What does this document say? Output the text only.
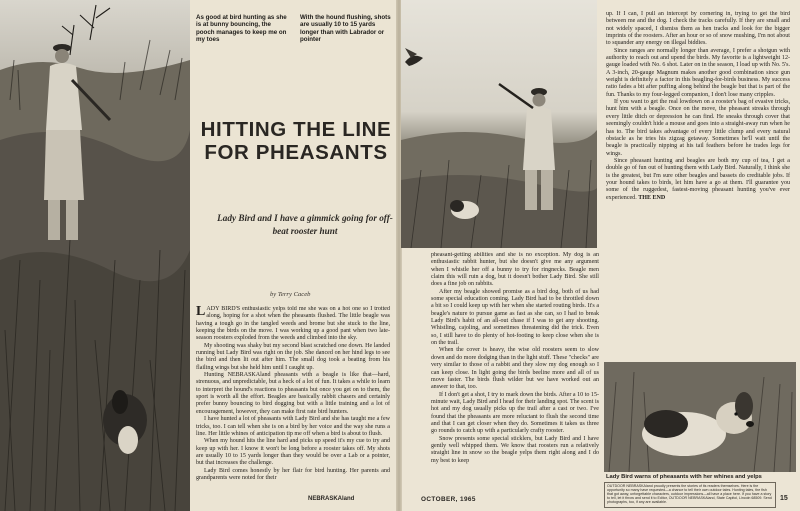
As good at bird hunting as she is at bunny bouncing, the pooch manages to keep me on my toes
With the hound flushing, shots are usually 10 to 15 yards longer than with Labrador or pointer
HITTING THE LINE FOR PHEASANTS
Lady Bird and I have a gimmick going for off-beat rooster hunt
by Terry Caceb

LADY BIRD'S enthusiastic yelps told me she was on a hot one so I trotted along, hoping for a shot when the pheasants flushed. The little beagle was having a tough go in the tangled weeds and brome but she stuck to the line, keeping the birds on the move. I was working up a good pant when two late-season roosters exploded from the weeds and climbed into the sky.

My shooting was shaky but my second blast scratched one down. He landed running but Lady Bird was right on the job. She danced on her hind legs to see the bird and then lit out after him. The small dog took a beating from his flailing wings but she held him until I caught up.

Hunting NEBRASKAland pheasants with a beagle is like that—hard, strenuous, and unpredictable, but a heck of a lot of fun. It takes a while to learn to interpret the hound's reactions to pheasants but once you get on to them, the sport is worth all the effort. Beagles are basically rabbit chasers and certainly prefer bunny bouncing to bird dogging but with a little training and a lot of encouragement, however, they can make first rate bird hunters.

I have hunted a lot of pheasants with Lady Bird and she has taught me a few tricks, too. I can tell when she is on a bird by her voice and the way she runs a line. Her little whines of anticipation tip me off when a bird is about to flush.

When my hound hits the line hard and picks up speed it's my cue to try and keep up with her. I know it won't be long before a rooster takes off. My shots are usually 10 to 15 yards longer than they would be over a Lab or a pointer, but that increases the challenge.

Lady Bird comes honestly by her flair for bird hunting. Her parents and grandparents were noted for their

NEBRASKAland

pheasant-getting abilities and she is no exception. My dog is an enthusiastic rabbit hunter, but she doesn't give me any argument when I whistle her off a bunny to try for ringnecks. Beagle men claim this will ruin a dog, but it doesn't bother Lady Bird. She still does a fine job on rabbits.

After my beagle showed promise as a bird dog, both of us had some special education coming. Lady Bird had to be throttled down a bit so I could keep up with her when she started routing birds. It's a beagle's nature to pursue game as fast as she can, so I had to break Lady Bird's habit of an all-out chase if I was to get any shooting. Whistling, cajoling, and sometimes threatening did the trick. Even so, I still have to do plenty of hot-footing to keep close when she is on the trail.

When the cover is heavy, the wise old roosters seem to slow down and do more dodging than in the light stuff. These "checks" are very similar to those of a rabbit and they slow my dog enough so I can keep close. In light going the birds beeline more and all of us move faster. The birds flush wilder but we have worked out an answer to that, too.

If I don't get a shot, I try to mark down the birds. After a 10 to 15-minute wait, Lady Bird and I head for their landing spot. The scent is hot and my dog usually picks up the trail after a cast or two. I've found that the pheasants are more reluctant to flush the second time and that I can get closer when they do. Sometimes it takes us three go rounds to catch up with a particularly crafty rooster.

Snow presents some special sticklers, but Lady Bird and I have gently well whipped them. We know that roosters run a relatively straight line in snow so the beagle yelps them right along and I do my best to keep

up. If I can, I pull an intercept by cornering in, trying to get the bird between me and the dog. I check the tracks carefully. If they are small and not widely spaced, I dismiss them as hen tracks and look for the bigger imprints of the roosters. After an hour or so of snow mushing, I'm not about to squander any energy on illegal biddies.

Since ranges are normally longer than average, I prefer a shotgun with authority to reach out and upend the birds. My favorite is a lightweight 12-gauge loaded with No. 6 shot. Later on in the season, I load up with No. 5's. A 3-inch, 20-gauge Magnum makes another good combination since gun weight is definitely a factor in this beagling-for-birds business. My success ratio fades a bit after puffing along behind the beagle but that is part of the fun. Thanks to my four-legged companion, I don't lose many cripples.

If you want to get the real lowdown on a rooster's bag of evasive tricks, hunt him with a beagle. Once on the move, the pheasant streaks through every little ditch or depression he can find. He sneaks through cover that seemingly couldn't hide a mouse and goes into a straight-away run when he has to. The bird takes advantage of every little clump and every natural obstacle as he tries his zigzag getaway. Sometimes he'll wait until the beagle is practically nipping at his tail feathers before he trades legs for wings.

Since pheasant hunting and beagles are both my cup of tea, I get a double go of fun out of hunting them with Lady Bird. Naturally, I think she is the greatest, but I'm sure other beagles and bassets do creditable jobs. If your hound takes to birds, let him have a go at them. I'll guarantee you some of the ruggedest, fastest-moving pheasant hunting you've ever experienced. THE END

Lady Bird warns of pheasants with her whines and yelps
OUTDOOR NEBRASKAland proudly presents the stories of its readers themselves. Here is the opportunity so many have requested—a chance to tell their own outdoor tales. Hunting tales, the fish that got away, unforgettable characters, outdoor impressions—all have a place here. If you have a story to tell, let it throw and send it to Editor, OUTDOOR NEBRASKAland, State Capitol, Lincoln 68509. Send photographs, too, if any are available.
OCTOBER, 1965	15
